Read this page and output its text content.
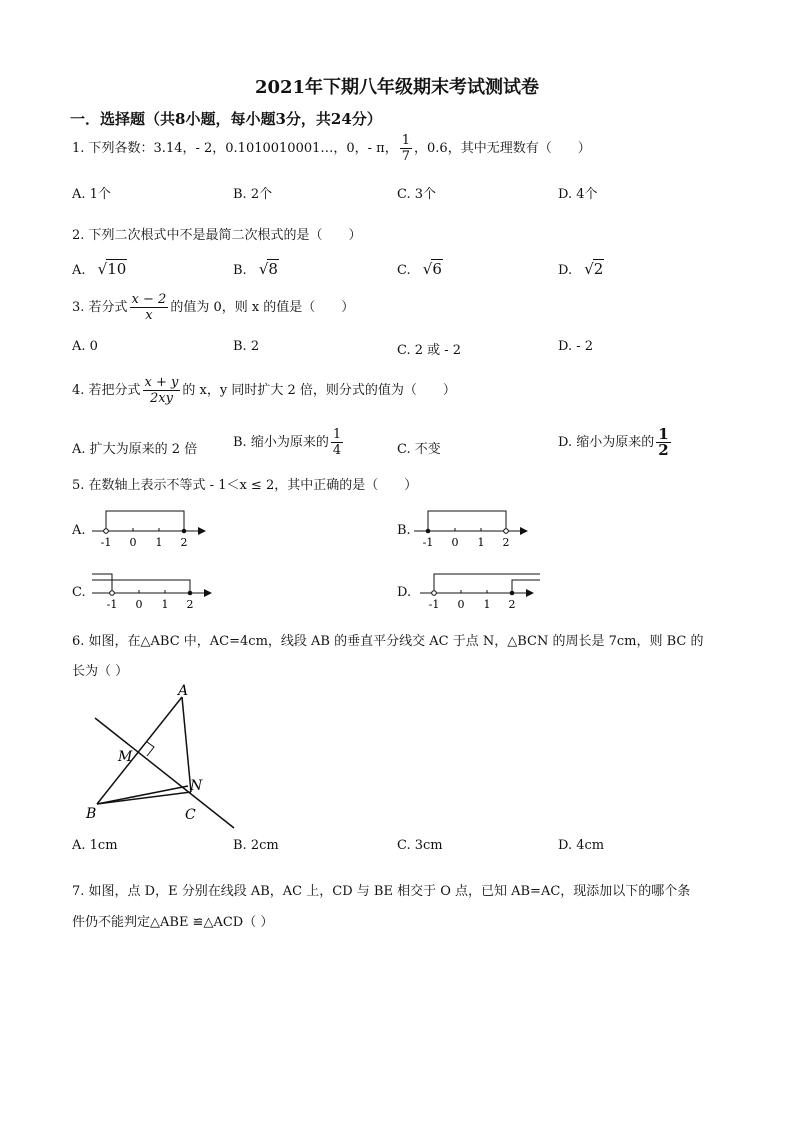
2021年下期八年级期末考试测试卷
一．选择题（共8小题，每小题3分，共24分）
1. 下列各数：3.14，- 2，0.1010010001…，0，- π， $\frac{1}{7}$ ，0.6，其中无理数有（　　）
A. 1个	B. 2个	C. 3个	D. 4个
2. 下列二次根式中不是最简二次根式的是（　　）
A. √10	B. √8	C. √6	D. √2
3. 若分式 $\frac{x - 2}{x}$ 的值为 0，则 x 的值是（　　）
A. 0	B. 2	C. 2 或 - 2	D. - 2
4. 若把分式 $\frac{x + y}{2xy}$ 的 x，y 同时扩大 2 倍，则分式的值为（　　）
A. 扩大为原来的 2 倍	B. 缩小为原来的 $\frac{1}{4}$	C. 不变	D. 缩小为原来的 $\frac{1}{2}$
5. 在数轴上表示不等式 - 1＜x ≤ 2，其中正确的是（　　）
A.
-1 0 1 2
B.
-1 0 1 2
C.
-1 0 1 2
D.
-1 0 1 2
6. 如图，在△ABC 中，AC=4cm，线段 AB 的垂直平分线交 AC 于点 N，△BCN 的周长是 7cm，则 BC 的
长为（ ）
A
M
N
B	C
A. 1cm	B. 2cm	C. 3cm	D. 4cm
7. 如图，点 D，E 分别在线段 AB，AC 上，CD 与 BE 相交于 O 点，已知 AB=AC，现添加以下的哪个条
件仍不能判定△ABE ≌△ACD（ ）
